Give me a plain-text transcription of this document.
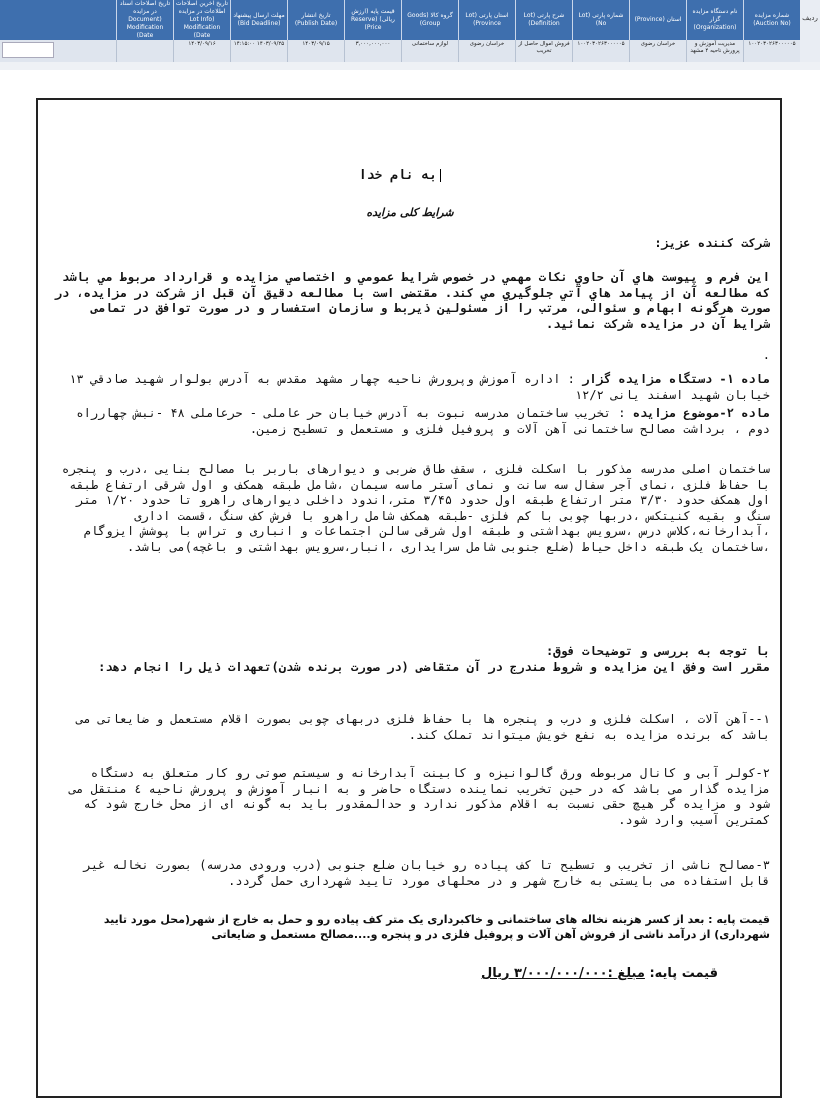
ردیف
شماره مزایده (Auction No)
نام دستگاه مزایده گزار (Organization)
استان (Province)
شماره پارتی (Lot No)
شرح پارتی (Lot Definition)
استان پارتی (Lot Province)
گروه کالا (Goods Group)
قیمت پایه (ارزش ریالی) (Reserve Price)
تاریخ انتشار (Publish Date)
مهلت ارسال پیشنهاد (Bid Deadline)
تاریخ آخرین اصلاحات اطلاعات در مزایده (Lot Info Modification Date)
تاریخ اصلاحات اسناد در مزایده (Document Modification Date)
۱۰۰۲۰۳۰۲۶۳۰۰۰۰۰۵
مدیریت آموزش و پرورش ناحیه ۴ مشهد
خراسان رضوی
۱۰۰۲۰۳۰۲۶۳۰۰۰۰۰۵
فروش اموال حاصل از تخریب
خراسان رضوی
لوازم ساختمانی
۳,۰۰۰,۰۰۰,۰۰۰
۱۴۰۳/۰۹/۱۵
۱۴۰۳/۰۹/۲۵ ۱۴:۱۵:۰۰
۱۴۰۳/۰۹/۱۶
به نام خدا
شرایط کلی مزایده

شرکت کننده عزیز:

این فرم و پیوست هاي آن حاوي نکات مهمي در خصوص شرايط عمومي و اختصاصي مزايده و قرارداد مربوط مي باشد که مطالعه آن از پیامد هاي آتي جلوگيري مي کند. مقتضی است با مطالعه دقیق آن قبل از شرکت در مزايده، در صورت هرگونه ابهام و سئوالی، مرتب را از مسئولین ذيربط و سازمان استفسار و در صورت توافق در تمامی شرايط آن در مزايده شرکت نمائید.

.

ماده ۱- دستگاه مزایده گزار : اداره آموزش وپرورش ناحیه چهار مشهد مقدس به آدرس بولوار شهید صادقي ۱۳ خیابان شهید اسفند یانی ۱۲/۲

ماده ۲-موضوع مزایده : تخریب ساختمان مدرسه نبوت به آدرس خیابان حر عاملی - حرعاملی ۴۸ -نبش چهارراه دوم ، برداشت مصالح ساختمانی آهن آلات و پروفیل فلزی و مستعمل و تسطیح زمین.

ساختمان اصلی مدرسه مذکور با اسکلت فلزی ، سقف طاق ضربی و دیوارهای باربر با مصالح بنایی ،درب و پنجره با حفاظ فلزی ،نمای آجر سفال سه سانت و نمای آستر ماسه سیمان ،شامل طبقه همکف و اول شرقی ارتفاع طبقه اول همکف حدود ۳/۳۰ متر ارتفاع طبقه اول حدود ۳/۴۵ متر،اندود داخلی دیوارهای راهرو تا حدود ۱/۲۰ متر سنگ و بقیه کنیتکس ،دربها چوبی با کم فلزی -طبقه همکف شامل راهرو با فرش کف سنگ ،قسمت اداری ،آبدارخانه،کلاس درس ،سرویس بهداشتی و طبقه اول شرقی سالن اجتماعات و انباری و تراس با پوشش ایزوگام ،ساختمان یک طبقه داخل حیاط (ضلع جنوبی شامل سرایداری ،انبار،سرویس بهداشتی و باغچه)می باشد.

با توجه به بررسی و توضیحات فوق:

مقرر است وفق این مزایده و شروط مندرج در آن متقاضی (در صورت برنده شدن)تعهدات ذیل را انجام دهد:

۱--آهن آلات ، اسکلت فلزی و درب و پنجره ها با حفاظ فلزی دربهای چوبی بصورت اقلام مستعمل و ضایعاتی می باشد که برنده مزایده به نفع خویش میتواند تملک کند.

۲-کولر آبی و کانال مربوطه ورق گالوانیزه و کابینت آبدارخانه و سیستم صوتی رو کار متعلق به دستگاه مزایده گذار می باشد که در حین تخریب نماینده دستگاه حاضر و به انبار آموزش و پرورش ناحیه ٤ منتقل می شود و مزایده گر هیچ حقی نسبت به اقلام مذکور ندارد و حدالمقدور باید به گونه ای از محل خارج شود که کمترین آسیب وارد شود.

۳-مصالح ناشی از تخریب و تسطیح تا کف پیاده رو خیابان ضلع جنوبی (درب ورودی مدرسه) بصورت نخاله غیر قابل استفاده می بایستی به خارج شهر و در محلهای مورد تایید شهرداری حمل گردد.

قیمت پایه : بعد از کسر هزینه نخاله های ساختمانی و خاکبرداری یک متر کف پیاده رو و حمل به خارج از شهر(محل مورد تایید شهرداری) از درآمد ناشی از فروش آهن آلات و پروفیل فلزی در و پنجره و....مصالح مستعمل و ضایعاتی

قیمت پایه: مبلغ :۳/۰۰۰/۰۰۰/۰۰۰ ریال
